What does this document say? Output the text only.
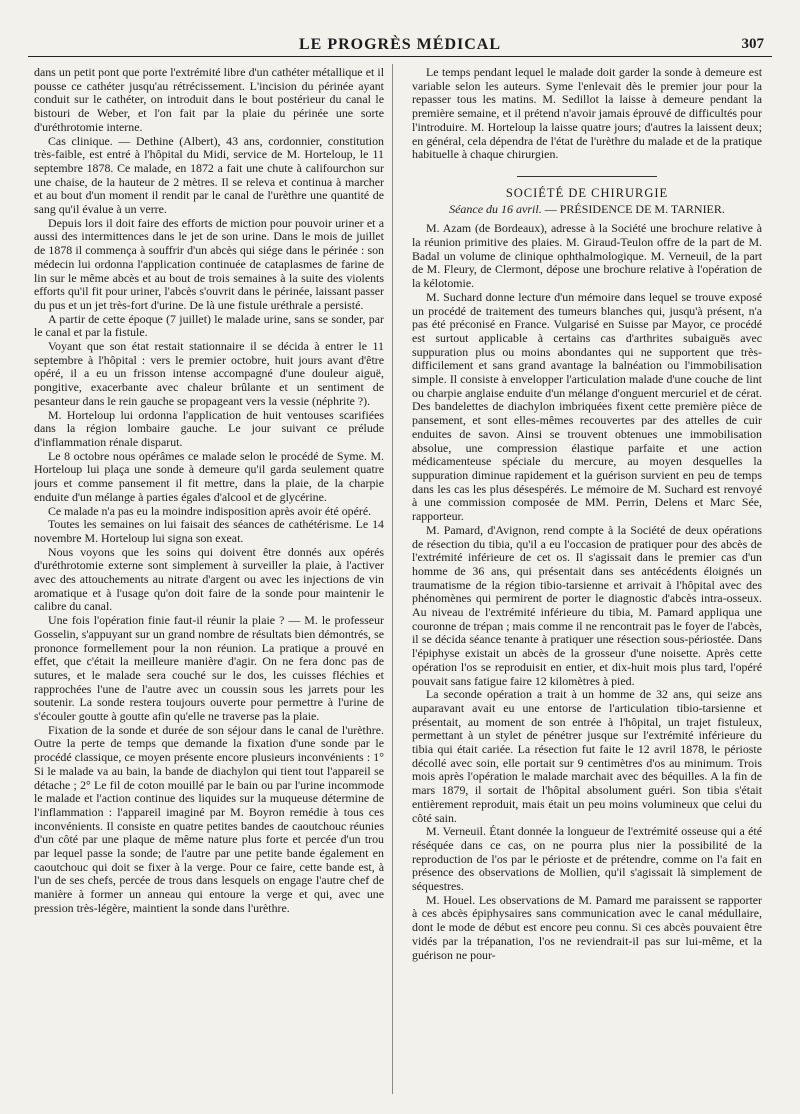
LE PROGRÈS MÉDICAL	307

dans un petit pont que porte l'extrémité libre d'un cathéter métallique et il pousse ce cathéter jusqu'au rétrécissement. L'incision du périnée ayant conduit sur le cathéter, on introduit dans le bout postérieur du canal le bistouri de Weber, et l'on fait par la plaie du périnée une sorte d'uréthrotomie interne.

Cas clinique. — Dethine (Albert), 43 ans, cordonnier, constitution très-faible, est entré à l'hôpital du Midi, service de M. Horteloup, le 11 septembre 1878. Ce malade, en 1872 a fait une chute à califourchon sur une chaise, de la hauteur de 2 mètres. Il se releva et continua à marcher et au bout d'un moment il rendit par le canal de l'urèthre une quantité de sang qu'il évalue à un verre.

Depuis lors il doit faire des efforts de miction pour pouvoir uriner et a aussi des intermittences dans le jet de son urine. Dans le mois de juillet de 1878 il commença à souffrir d'un abcès qui siége dans le périnée : son médecin lui ordonna l'application continuée de cataplasmes de farine de lin sur le même abcès et au bout de trois semaines à la suite des violents efforts qu'il fit pour uriner, l'abcès s'ouvrit dans le périnée, laissant passer du pus et un jet très-fort d'urine. De là une fistule uréthrale a persisté.

A partir de cette époque (7 juillet) le malade urine, sans se sonder, par le canal et par la fistule.

Voyant que son état restait stationnaire il se décida à entrer le 11 septembre à l'hôpital : vers le premier octobre, huit jours avant d'être opéré, il a eu un frisson intense accompagné d'une douleur aiguë, pongitive, exacerbante avec chaleur brûlante et un sentiment de pesanteur dans le rein gauche se propageant vers la vessie (néphrite ?).

M. Horteloup lui ordonna l'application de huit ventouses scarifiées dans la région lombaire gauche. Le jour suivant ce prélude d'inflammation rénale disparut.

Le 8 octobre nous opérâmes ce malade selon le procédé de Syme. M. Horteloup lui plaça une sonde à demeure qu'il garda seulement quatre jours et comme pansement il fit mettre, dans la plaie, de la charpie enduite d'un mélange à parties égales d'alcool et de glycérine.

Ce malade n'a pas eu la moindre indisposition après avoir été opéré.

Toutes les semaines on lui faisait des séances de cathétérisme. Le 14 novembre M. Horteloup lui signa son exeat.

Nous voyons que les soins qui doivent être donnés aux opérés d'uréthrotomie externe sont simplement à surveiller la plaie, à l'activer avec des attouchements au nitrate d'argent ou avec les injections de vin aromatique et à l'usage qu'on doit faire de la sonde pour maintenir le calibre du canal.

Une fois l'opération finie faut-il réunir la plaie ? — M. le professeur Gosselin, s'appuyant sur un grand nombre de résultats bien démontrés, se prononce formellement pour la non réunion. La pratique a prouvé en effet, que c'était la meilleure manière d'agir. On ne fera donc pas de sutures, et le malade sera couché sur le dos, les cuisses fléchies et rapprochées l'une de l'autre avec un coussin sous les jarrets pour les soutenir. La sonde restera toujours ouverte pour permettre à l'urine de s'écouler goutte à goutte afin qu'elle ne traverse pas la plaie.

Fixation de la sonde et durée de son séjour dans le canal de l'urèthre. Outre la perte de temps que demande la fixation d'une sonde par le procédé classique, ce moyen présente encore plusieurs inconvénients : 1° Si le malade va au bain, la bande de diachylon qui tient tout l'appareil se détache ; 2° Le fil de coton mouillé par le bain ou par l'urine incommode le malade et l'action continue des liquides sur la muqueuse détermine de l'inflammation : l'appareil imaginé par M. Boyron remédie à tous ces inconvénients. Il consiste en quatre petites bandes de caoutchouc réunies d'un côté par une plaque de même nature plus forte et percée d'un trou par lequel passe la sonde; de l'autre par une petite bande également en caoutchouc qui doit se fixer à la verge. Pour ce faire, cette bande est, à l'un de ses chefs, percée de trous dans lesquels on engage l'autre chef de manière à former un anneau qui entoure la verge et qui, avec une pression très-légère, maintient la sonde dans l'urèthre.

Le temps pendant lequel le malade doit garder la sonde à demeure est variable selon les auteurs. Syme l'enlevait dès le premier jour pour la repasser tous les matins. M. Sedillot la laisse à demeure pendant la première semaine, et il prétend n'avoir jamais éprouvé de difficultés pour l'introduire. M. Horteloup la laisse quatre jours; d'autres la laissent deux; en général, cela dépendra de l'état de l'urèthre du malade et de la pratique habituelle à chaque chirurgien.

SOCIÉTÉ DE CHIRURGIE
Séance du 16 avril. — PRÉSIDENCE DE M. TARNIER.

M. Azam (de Bordeaux), adresse à la Société une brochure relative à la réunion primitive des plaies. M. Giraud-Teulon offre de la part de M. Badal un volume de clinique ophthalmologique. M. Verneuil, de la part de M. Fleury, de Clermont, dépose une brochure relative à l'opération de la kélotomie.

M. Suchard donne lecture d'un mémoire dans lequel se trouve exposé un procédé de traitement des tumeurs blanches qui, jusqu'à présent, n'a pas été préconisé en France. Vulgarisé en Suisse par Mayor, ce procédé est surtout applicable à certains cas d'arthrites subaiguës avec suppuration plus ou moins abondantes qui ne supportent que très-difficilement et sans grand avantage la balnéation ou l'immobilisation simple. Il consiste à envelopper l'articulation malade d'une couche de lint ou charpie anglaise enduite d'un mélange d'onguent mercuriel et de cérat. Des bandelettes de diachylon imbriquées fixent cette première pièce de pansement, et sont elles-mêmes recouvertes par des attelles de cuir enduites de savon. Ainsi se trouvent obtenues une immobilisation absolue, une compression élastique parfaite et une action médicamenteuse spéciale du mercure, au moyen desquelles la suppuration diminue rapidement et la guérison survient en peu de temps dans les cas les plus désespérés. Le mémoire de M. Suchard est renvoyé à une commission composée de MM. Perrin, Delens et Marc Sée, rapporteur.

M. Pamard, d'Avignon, rend compte à la Société de deux opérations de résection du tibia, qu'il a eu l'occasion de pratiquer pour des abcès de l'extrémité inférieure de cet os. Il s'agissait dans le premier cas d'un homme de 36 ans, qui présentait dans ses antécédents éloignés un traumatisme de la région tibio-tarsienne et arrivait à l'hôpital avec des phénomènes qui permirent de porter le diagnostic d'abcès intra-osseux. Au niveau de l'extrémité inférieure du tibia, M. Pamard appliqua une couronne de trépan ; mais comme il ne rencontrait pas le foyer de l'abcès, il se décida séance tenante à pratiquer une résection sous-périostée. Dans l'épiphyse existait un abcès de la grosseur d'une noisette. Après cette opération l'os se reproduisit en entier, et dix-huit mois plus tard, l'opéré pouvait sans fatigue faire 12 kilomètres à pied.

La seconde opération a trait à un homme de 32 ans, qui seize ans auparavant avait eu une entorse de l'articulation tibio-tarsienne et présentait, au moment de son entrée à l'hôpital, un trajet fistuleux, permettant à un stylet de pénétrer jusque sur l'extrémité inférieure du tibia qui était cariée. La résection fut faite le 12 avril 1878, le périoste décollé avec soin, elle portait sur 9 centimètres d'os au minimum. Trois mois après l'opération le malade marchait avec des béquilles. A la fin de mars 1879, il sortait de l'hôpital absolument guéri. Son tibia s'était entièrement reproduit, mais était un peu moins volumineux que celui du côté sain.

M. Verneuil. Étant donnée la longueur de l'extrémité osseuse qui a été réséquée dans ce cas, on ne pourra plus nier la possibilité de la reproduction de l'os par le périoste et de prétendre, comme on l'a fait en présence des observations de Mollien, qu'il s'agissait là simplement de séquestres.

M. Houel. Les observations de M. Pamard me paraissent se rapporter à ces abcès épiphysaires sans communication avec le canal médullaire, dont le mode de début est encore peu connu. Si ces abcès pouvaient être vidés par la trépanation, l'os ne reviendrait-il pas sur lui-même, et la guérison ne pour-
